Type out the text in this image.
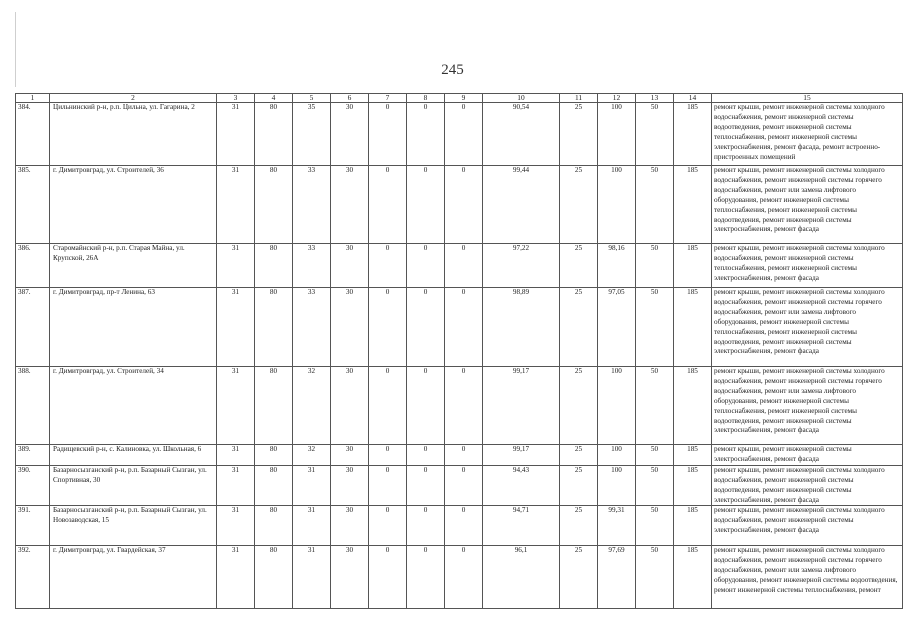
245
1	2	3	4	5	6	7	8	9	10	11	12	13	14	15
384.	Цильнинский р-н, р.п. Цильна, ул. Гагарина, 2	31	80	35	30	0	0	0	90,54	25	100	50	185	ремонт крыши, ремонт инженерной системы холодного водоснабжения, ремонт инженерной системы водоотведения, ремонт инженерной системы теплоснабжения, ремонт инженерной системы электроснабжения, ремонт фасада, ремонт встроенно-пристроенных помещений
385.	г. Димитровград, ул. Строителей, 36	31	80	33	30	0	0	0	99,44	25	100	50	185	ремонт крыши, ремонт инженерной системы холодного водоснабжения, ремонт инженерной системы горячего водоснабжения, ремонт или замена лифтового оборудования, ремонт инженерной системы теплоснабжения, ремонт инженерной системы водоотведения, ремонт инженерной системы электроснабжения, ремонт фасада
386.	Старомайнский р-н, р.п. Старая Майна, ул. Крупской, 26А	31	80	33	30	0	0	0	97,22	25	98,16	50	185	ремонт крыши, ремонт инженерной системы холодного водоснабжения, ремонт инженерной системы теплоснабжения, ремонт инженерной системы электроснабжения, ремонт фасада
387.	г. Димитровград, пр-т Ленина, 63	31	80	33	30	0	0	0	98,89	25	97,05	50	185	ремонт крыши, ремонт инженерной системы холодного водоснабжения, ремонт инженерной системы горячего водоснабжения, ремонт или замена лифтового оборудования, ремонт инженерной системы теплоснабжения, ремонт инженерной системы водоотведения, ремонт инженерной системы электроснабжения, ремонт фасада
388.	г. Димитровград, ул. Строителей, 34	31	80	32	30	0	0	0	99,17	25	100	50	185	ремонт крыши, ремонт инженерной системы холодного водоснабжения, ремонт инженерной системы горячего водоснабжения, ремонт или замена лифтового оборудования, ремонт инженерной системы теплоснабжения, ремонт инженерной системы водоотведения, ремонт инженерной системы электроснабжения, ремонт фасада
389.	Радищевский р-н, с. Калиновка, ул. Школьная, 6	31	80	32	30	0	0	0	99,17	25	100	50	185	ремонт крыши, ремонт инженерной системы электроснабжения, ремонт фасада
390.	Базарносызганский р-н, р.п. Базарный Сызган, ул. Спортивная, 30	31	80	31	30	0	0	0	94,43	25	100	50	185	ремонт крыши, ремонт инженерной системы холодного водоснабжения, ремонт инженерной системы водоотведения, ремонт инженерной системы электроснабжения, ремонт фасада
391.	Базарносызганский р-н, р.п. Базарный Сызган, ул. Новозаводская, 15	31	80	31	30	0	0	0	94,71	25	99,31	50	185	ремонт крыши, ремонт инженерной системы холодного водоснабжения, ремонт инженерной системы электроснабжения, ремонт фасада
392.	г. Димитровград, ул. Гвардейская, 37	31	80	31	30	0	0	0	96,1	25	97,69	50	185	ремонт крыши, ремонт инженерной системы холодного водоснабжения, ремонт инженерной системы горячего водоснабжения, ремонт или замена лифтового оборудования, ремонт инженерной системы водоотведения, ремонт инженерной системы теплоснабжения, ремонт
